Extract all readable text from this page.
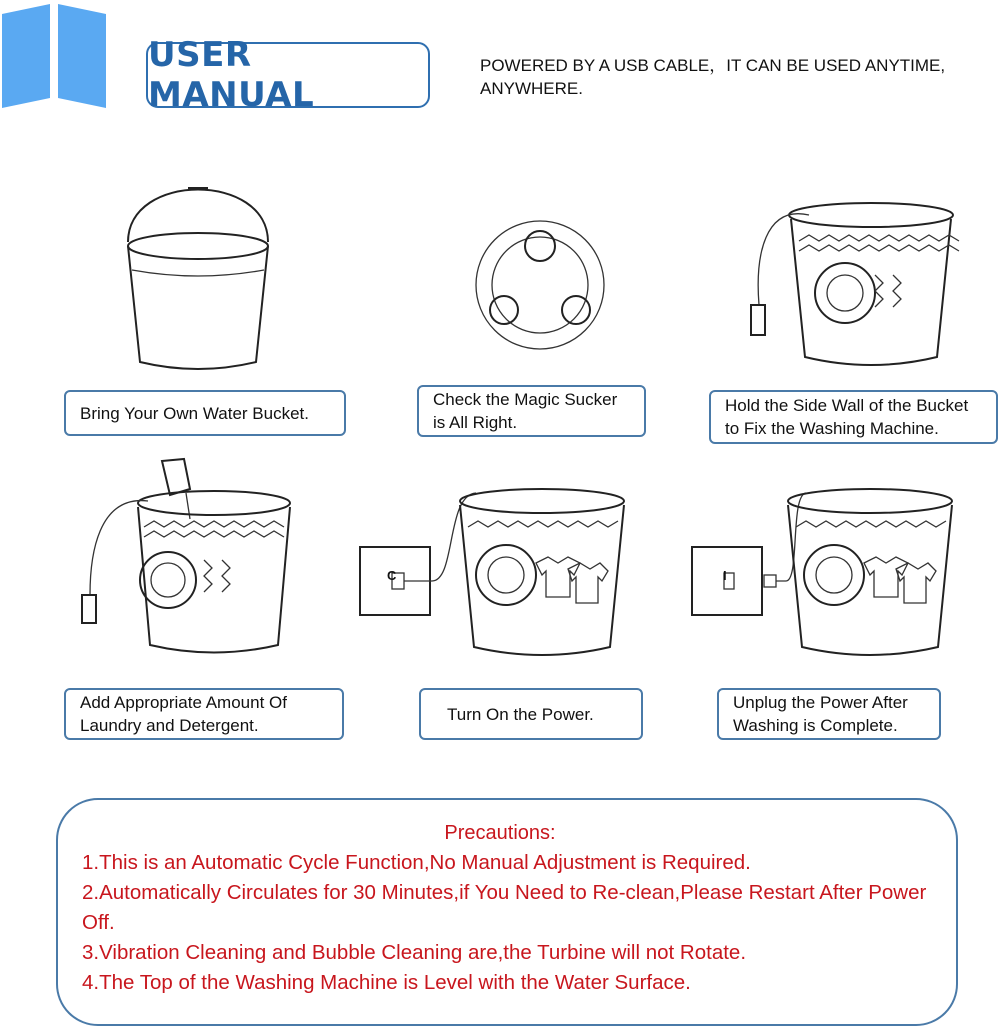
USER MANUAL
POWERED BY A USB CABLE，IT CAN BE USED ANYTIME, ANYWHERE.
C	I
Bring Your Own Water Bucket.
Check the Magic Sucker is All Right.
Hold the Side Wall of the Bucket to Fix the Washing Machine.
Add Appropriate Amount Of Laundry and Detergent.
Turn On the Power.
Unplug the Power After Washing is Complete.
Precautions:
1.This is an Automatic Cycle Function,No Manual Adjustment is Required.
2.Automatically Circulates for 30 Minutes,if You Need to Re-clean,Please Restart After Power Off.
3.Vibration Cleaning and Bubble Cleaning are,the Turbine will not Rotate.
4.The Top of the Washing Machine is Level with the Water Surface.
